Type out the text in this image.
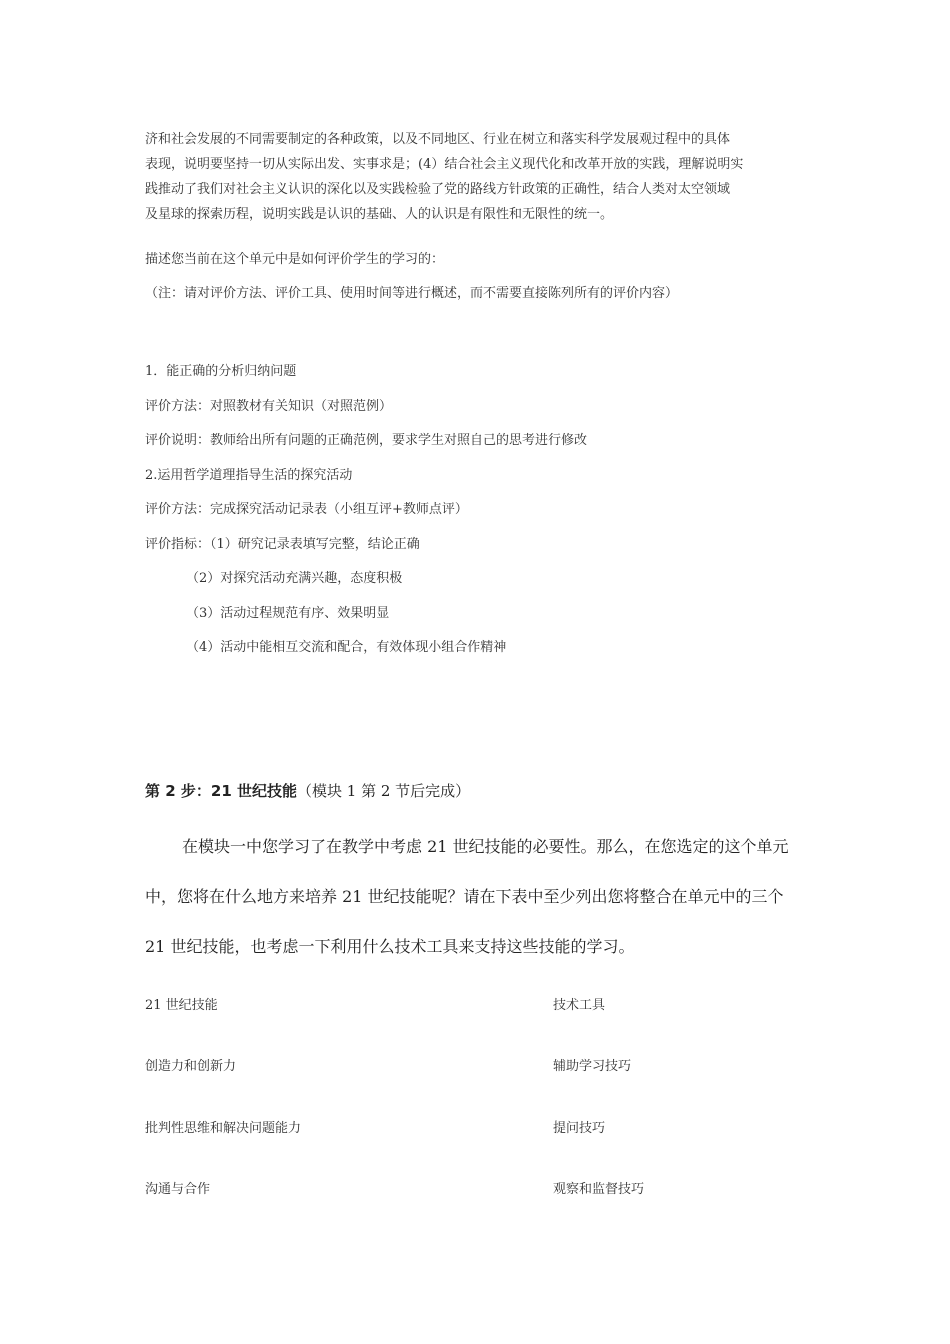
济和社会发展的不同需要制定的各种政策，以及不同地区、行业在树立和落实科学发展观过程中的具体
表现，说明要坚持一切从实际出发、实事求是；(4）结合社会主义现代化和改革开放的实践，理解说明实
践推动了我们对社会主义认识的深化以及实践检验了党的路线方针政策的正确性，结合人类对太空领域
及星球的探索历程，说明实践是认识的基础、人的认识是有限性和无限性的统一。
描述您当前在这个单元中是如何评价学生的学习的：
（注：请对评价方法、评价工具、使用时间等进行概述，而不需要直接陈列所有的评价内容）
1．能正确的分析归纳问题
评价方法：对照教材有关知识（对照范例）
评价说明：教师给出所有问题的正确范例，要求学生对照自己的思考进行修改
2.运用哲学道理指导生活的探究活动
评价方法：完成探究活动记录表（小组互评+教师点评）
评价指标：（1）研究记录表填写完整，结论正确
（2）对探究活动充满兴趣，态度积极
（3）活动过程规范有序、效果明显
（4）活动中能相互交流和配合，有效体现小组合作精神
第 2 步：21 世纪技能（模块 1 第 2 节后完成）
在模块一中您学习了在教学中考虑 21 世纪技能的必要性。那么，在您选定的这个单元
中，您将在什么地方来培养 21 世纪技能呢？请在下表中至少列出您将整合在单元中的三个
21 世纪技能，也考虑一下利用什么技术工具来支持这些技能的学习。
21 世纪技能	技术工具
创造力和创新力	辅助学习技巧
批判性思维和解决问题能力	提问技巧
沟通与合作	观察和监督技巧
